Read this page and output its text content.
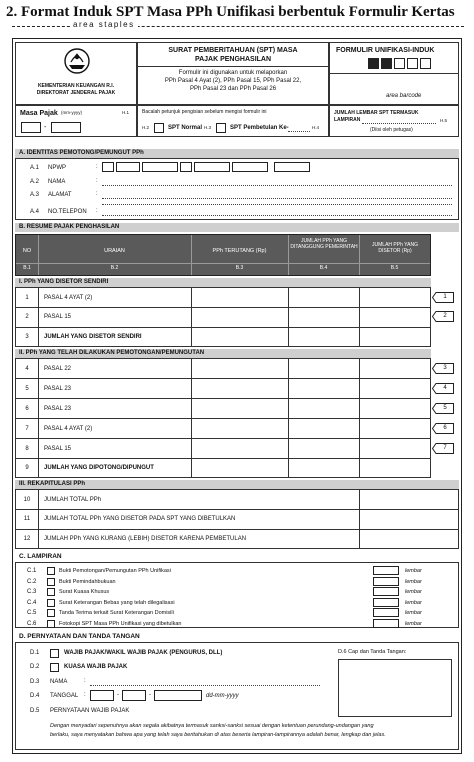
2. Format Induk SPT Masa PPh Unifikasi berbentuk Formulir Kertas
area staples
KEMENTERIAN KEUANGAN R.I.
DIREKTORAT JENDERAL PAJAK
SURAT PEMBERITAHUAN (SPT) MASA
PAJAK PENGHASILAN
Formulir ini digunakan untuk melaporkan
PPh Pasal 4 Ayat (2), PPh Pasal 15, PPh Pasal 22,
PPh Pasal 23 dan PPh Pasal 26
FORMULIR UNIFIKASI-INDUK
area barcode
Masa Pajak (mm-yyyy)	H.1
-
Bacalah petunjuk pengisian sebelum mengisi formulir ini
H.2	SPT Normal H.3	SPT Pembetulan Ke-	H.4
JUMLAH LEMBAR SPT TERMASUK
LAMPIRAN	H.5
(Diisi oleh petugas)
A. IDENTITAS PEMOTONG/PEMUNGUT PPh
A.1 NPWP	:
A.2 NAMA	:
A.3 ALAMAT	:
A.4 NO.TELEPON :
B. RESUME PAJAK PENGHASILAN
NO	URAIAN	PPh TERUTANG (Rp)
JUMLAH PPh YANG DITANGGUNG PEMERINTAH	JUMLAH PPh YANG DISETOR (Rp)
B.1	B.2	B.3	B.4	B.5
I. PPh YANG DISETOR SENDIRI
1	PASAL 4 AYAT (2)
2	PASAL 15
3	JUMLAH YANG DISETOR SENDIRI
1
2
II. PPh YANG TELAH DILAKUKAN PEMOTONGAN/PEMUNGUTAN
4	PASAL 22
5	PASAL 23
6	PASAL 23
7	PASAL 4 AYAT (2)
8	PASAL 15
9	JUMLAH YANG DIPOTONG/DIPUNGUT
3
4
5
6
7
III. REKAPITULASI PPh
10	JUMLAH TOTAL PPh
11	JUMLAH TOTAL PPh YANG DISETOR PADA SPT YANG DIBETULKAN
12	JUMLAH PPh YANG KURANG (LEBIH) DISETOR KARENA PEMBETULAN
C. LAMPIRAN
C.1	Bukti Pemotongan/Pemungutan PPh Unifikasi	lembar
C.2	Bukti Pemindahbukuan	lembar
C.3	Surat Kuasa Khusus	lembar
C.4	Surat Keterangan Bebas yang telah dilegalisasi	lembar
C.5	Tanda Terima terkait Surat Keterangan Domisili	lembar
C.6	Fotokopi SPT Masa PPh Unifikasi yang dibetulkan	lembar
D. PERNYATAAN DAN TANDA TANGAN
D.1	WAJIB PAJAK/WAKIL WAJIB PAJAK (PENGURUS, DLL)
D.2	KUASA WAJIB PAJAK
D.3 NAMA	:
D.4 TANGGAL :	-	-	dd-mm-yyyy
D.5 PERNYATAAN WAJIB PAJAK
D.6 Cap dan Tanda Tangan:
Dengan menyadari sepenuhnya akan segala akibatnya termasuk sanksi-sanksi sesuai dengan ketentuan perundang-undangan yang
berlaku, saya menyatakan bahwa apa yang telah saya beritahukan di atas beserta lampiran-lampirannya adalah benar, lengkap dan jelas.
